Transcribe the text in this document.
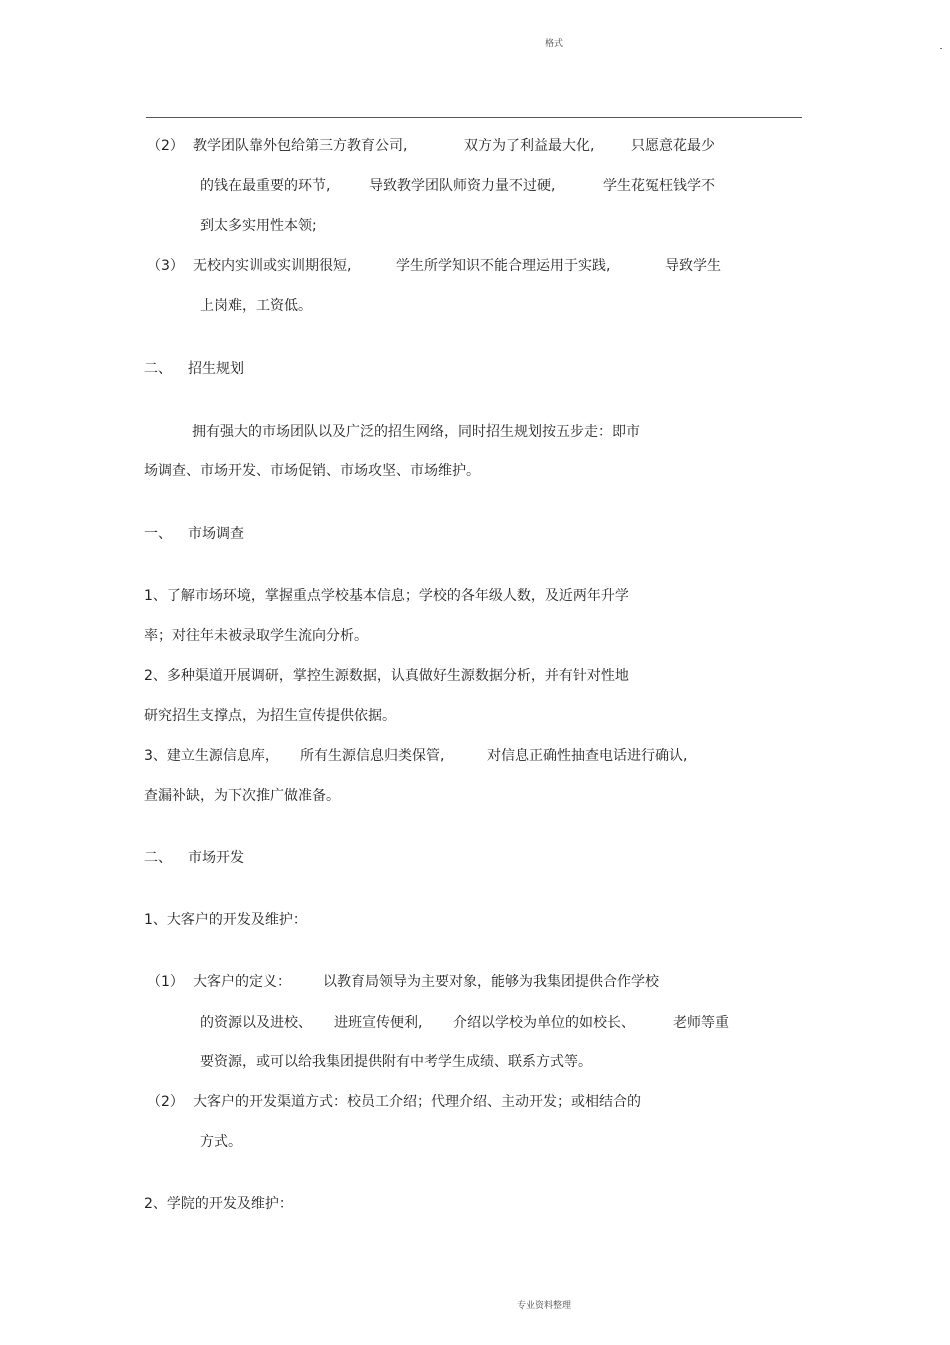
格式
（2） 教学团队靠外包给第三方教育公司,	双方为了利益最大化,	只愿意花最少
的钱在最重要的环节,	导致教学团队师资力量不过硬,	学生花冤枉钱学不
到太多实用性本领;
（3） 无校内实训或实训期很短,	学生所学知识不能合理运用于实践,	导致学生
上岗难，工资低。
二、 招生规划
拥有强大的市场团队以及广泛的招生网络，同时招生规划按五步走：即市
场调查、市场开发、市场促销、市场攻坚、市场维护。
一、 市场调查
1、了解市场环境，掌握重点学校基本信息；学校的各年级人数，及近两年升学
率；对往年未被录取学生流向分析。
2、多种渠道开展调研，掌控生源数据，认真做好生源数据分析，并有针对性地
研究招生支撑点，为招生宣传提供依据。
3、建立生源信息库， 所有生源信息归类保管,	对信息正确性抽查电话进行确认,
查漏补缺，为下次推广做准备。
二、 市场开发
1、大客户的开发及维护：
（1） 大客户的定义： 以教育局领导为主要对象，能够为我集团提供合作学校
的资源以及进校、 进班宣传便利, 介绍以学校为单位的如校长、	老师等重
要资源，或可以给我集团提供附有中考学生成绩、联系方式等。
（2） 大客户的开发渠道方式：校员工介绍；代理介绍、主动开发；或相结合的
方式。
2、学院的开发及维护：
专业资料整理
